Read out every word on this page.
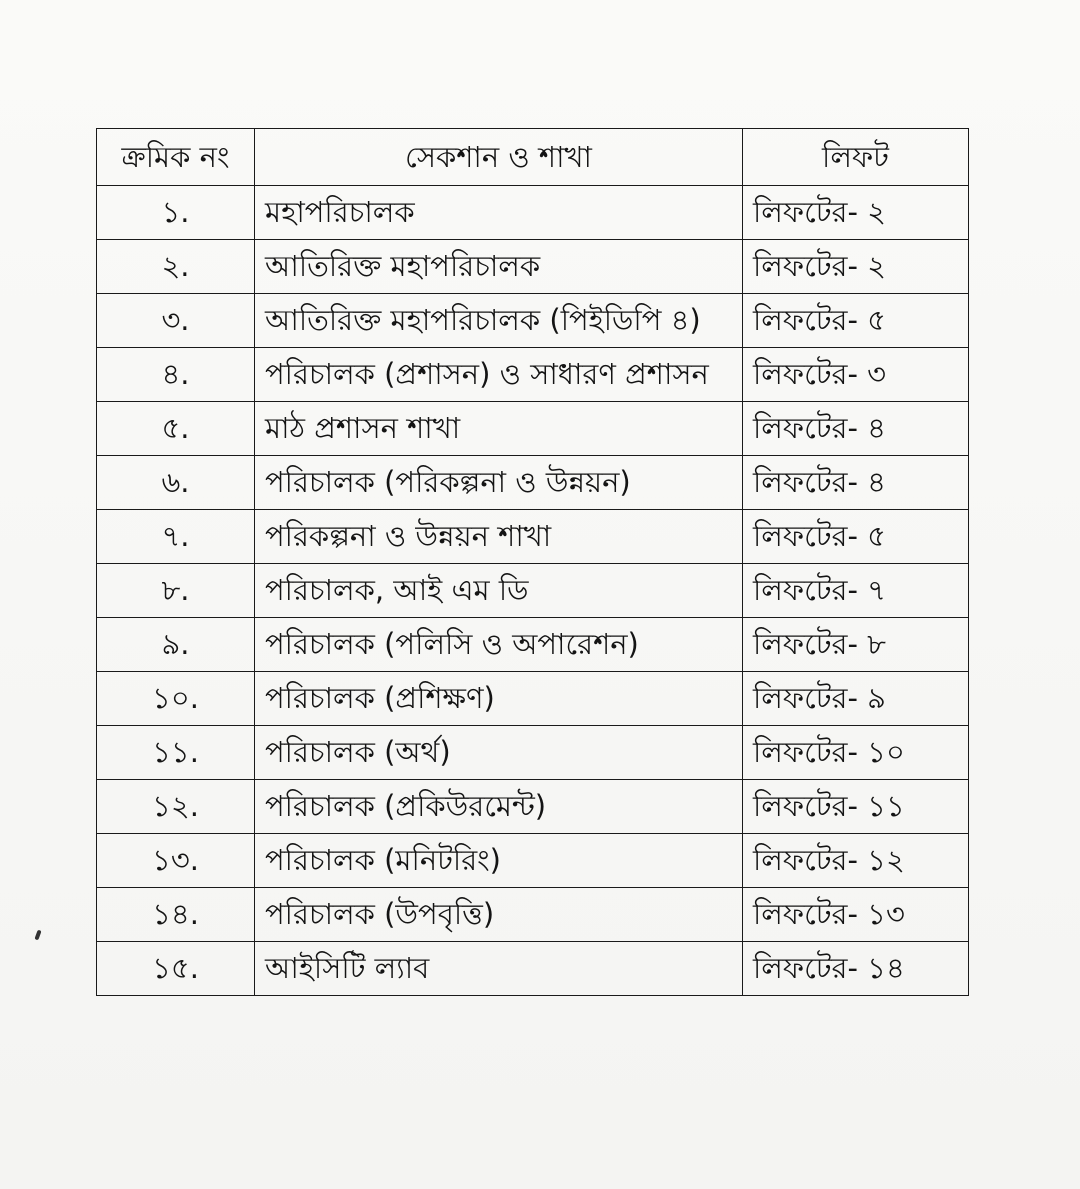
ক্রমিক নং	সেকশান ও শাখা	লিফট
১.	মহাপরিচালক	লিফটের- ২
২.	আতিরিক্ত মহাপরিচালক	লিফটের- ২
৩.	আতিরিক্ত মহাপরিচালক (পিইডিপি ৪)	লিফটের- ৫
৪.	পরিচালক (প্রশাসন) ও সাধারণ প্রশাসন	লিফটের- ৩
৫.	মাঠ প্রশাসন শাখা	লিফটের- ৪
৬.	পরিচালক (পরিকল্পনা ও উন্নয়ন)	লিফটের- ৪
৭.	পরিকল্পনা ও উন্নয়ন শাখা	লিফটের- ৫
৮.	পরিচালক, আই এম ডি	লিফটের- ৭
৯.	পরিচালক (পলিসি ও অপারেশন)	লিফটের- ৮
১০.	পরিচালক (প্রশিক্ষণ)	লিফটের- ৯
১১.	পরিচালক (অর্থ)	লিফটের- ১০
১২.	পরিচালক (প্রকিউরমেন্ট)	লিফটের- ১১
১৩.	পরিচালক (মনিটরিং)	লিফটের- ১২
১৪.	পরিচালক (উপবৃত্তি)	লিফটের- ১৩
১৫.	আইসিটি ল্যাব	লিফটের- ১৪
